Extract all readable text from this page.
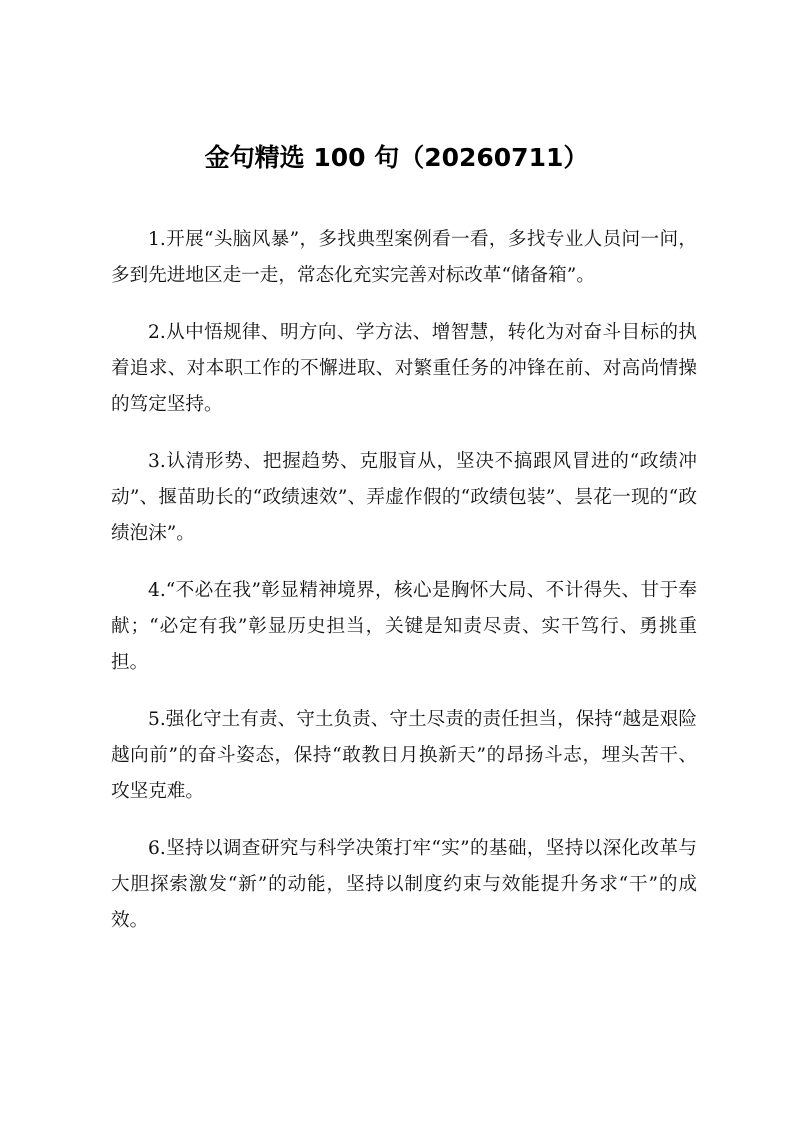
金句精选 100 句（20260711）

1.开展“头脑风暴”，多找典型案例看一看，多找专业人员问一问，多到先进地区走一走，常态化充实完善对标改革“储备箱”。

2.从中悟规律、明方向、学方法、增智慧，转化为对奋斗目标的执着追求、对本职工作的不懈进取、对繁重任务的冲锋在前、对高尚情操的笃定坚持。

3.认清形势、把握趋势、克服盲从，坚决不搞跟风冒进的“政绩冲动”、揠苗助长的“政绩速效”、弄虚作假的“政绩包装”、昙花一现的“政绩泡沫”。

4.“不必在我”彰显精神境界，核心是胸怀大局、不计得失、甘于奉献；“必定有我”彰显历史担当，关键是知责尽责、实干笃行、勇挑重担。

5.强化守土有责、守土负责、守土尽责的责任担当，保持“越是艰险越向前”的奋斗姿态，保持“敢教日月换新天”的昂扬斗志，埋头苦干、攻坚克难。

6.坚持以调查研究与科学决策打牢“实”的基础，坚持以深化改革与大胆探索激发“新”的动能，坚持以制度约束与效能提升务求“干”的成效。
